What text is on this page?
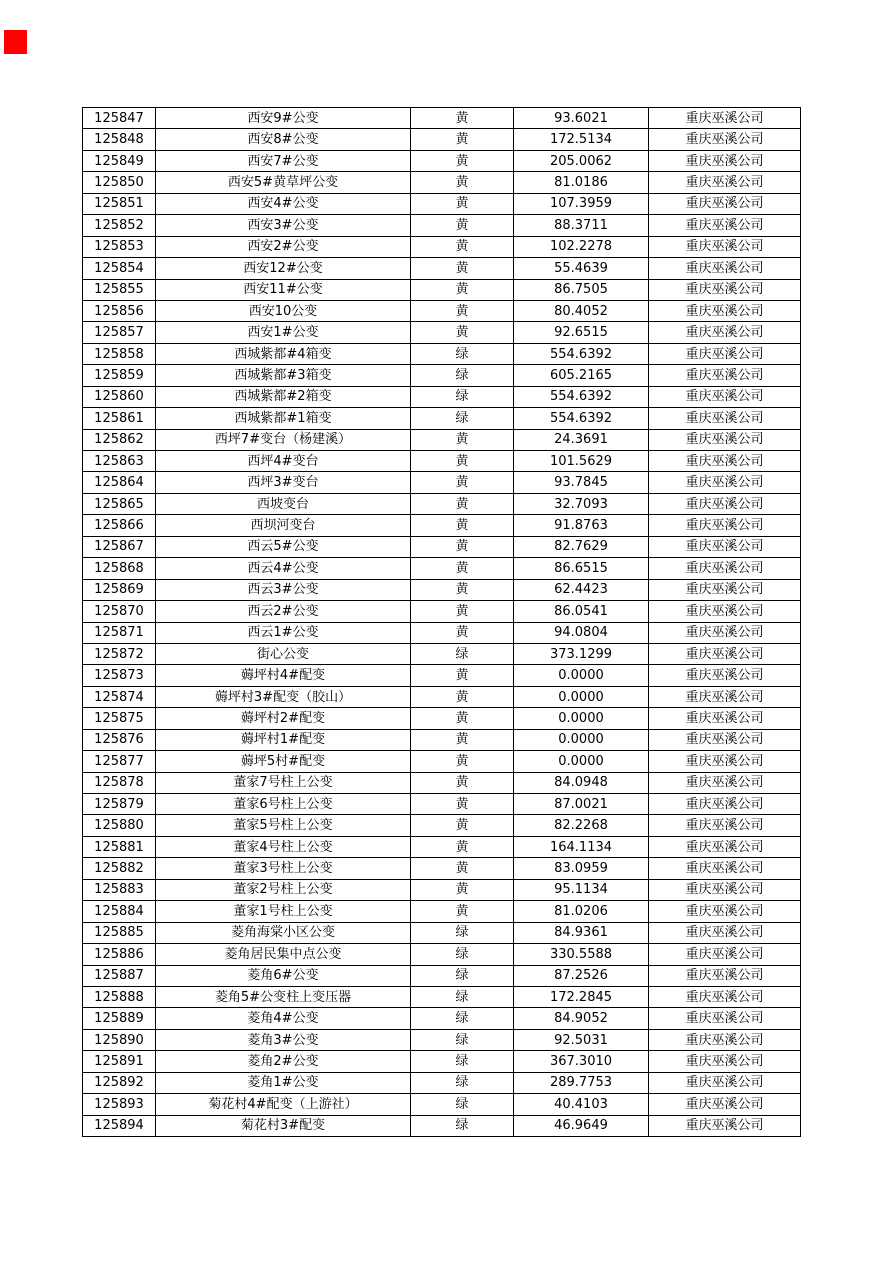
125847	西安9#公变	黄	93.6021	重庆巫溪公司
125848	西安8#公变	黄	172.5134	重庆巫溪公司
125849	西安7#公变	黄	205.0062	重庆巫溪公司
125850	西安5#黄草坪公变	黄	81.0186	重庆巫溪公司
125851	西安4#公变	黄	107.3959	重庆巫溪公司
125852	西安3#公变	黄	88.3711	重庆巫溪公司
125853	西安2#公变	黄	102.2278	重庆巫溪公司
125854	西安12#公变	黄	55.4639	重庆巫溪公司
125855	西安11#公变	黄	86.7505	重庆巫溪公司
125856	西安10公变	黄	80.4052	重庆巫溪公司
125857	西安1#公变	黄	92.6515	重庆巫溪公司
125858	西城紫都#4箱变	绿	554.6392	重庆巫溪公司
125859	西城紫都#3箱变	绿	605.2165	重庆巫溪公司
125860	西城紫都#2箱变	绿	554.6392	重庆巫溪公司
125861	西城紫都#1箱变	绿	554.6392	重庆巫溪公司
125862	西坪7#变台（杨建溪）	黄	24.3691	重庆巫溪公司
125863	西坪4#变台	黄	101.5629	重庆巫溪公司
125864	西坪3#变台	黄	93.7845	重庆巫溪公司
125865	西坡变台	黄	32.7093	重庆巫溪公司
125866	西坝河变台	黄	91.8763	重庆巫溪公司
125867	西云5#公变	黄	82.7629	重庆巫溪公司
125868	西云4#公变	黄	86.6515	重庆巫溪公司
125869	西云3#公变	黄	62.4423	重庆巫溪公司
125870	西云2#公变	黄	86.0541	重庆巫溪公司
125871	西云1#公变	黄	94.0804	重庆巫溪公司
125872	街心公变	绿	373.1299	重庆巫溪公司
125873	薅坪村4#配变	黄	0.0000	重庆巫溪公司
125874	薅坪村3#配变（胶山）	黄	0.0000	重庆巫溪公司
125875	薅坪村2#配变	黄	0.0000	重庆巫溪公司
125876	薅坪村1#配变	黄	0.0000	重庆巫溪公司
125877	薅坪5村#配变	黄	0.0000	重庆巫溪公司
125878	董家7号柱上公变	黄	84.0948	重庆巫溪公司
125879	董家6号柱上公变	黄	87.0021	重庆巫溪公司
125880	董家5号柱上公变	黄	82.2268	重庆巫溪公司
125881	董家4号柱上公变	黄	164.1134	重庆巫溪公司
125882	董家3号柱上公变	黄	83.0959	重庆巫溪公司
125883	董家2号柱上公变	黄	95.1134	重庆巫溪公司
125884	董家1号柱上公变	黄	81.0206	重庆巫溪公司
125885	菱角海棠小区公变	绿	84.9361	重庆巫溪公司
125886	菱角居民集中点公变	绿	330.5588	重庆巫溪公司
125887	菱角6#公变	绿	87.2526	重庆巫溪公司
125888	菱角5#公变柱上变压器	绿	172.2845	重庆巫溪公司
125889	菱角4#公变	绿	84.9052	重庆巫溪公司
125890	菱角3#公变	绿	92.5031	重庆巫溪公司
125891	菱角2#公变	绿	367.3010	重庆巫溪公司
125892	菱角1#公变	绿	289.7753	重庆巫溪公司
125893	菊花村4#配变（上游社）	绿	40.4103	重庆巫溪公司
125894	菊花村3#配变	绿	46.9649	重庆巫溪公司
